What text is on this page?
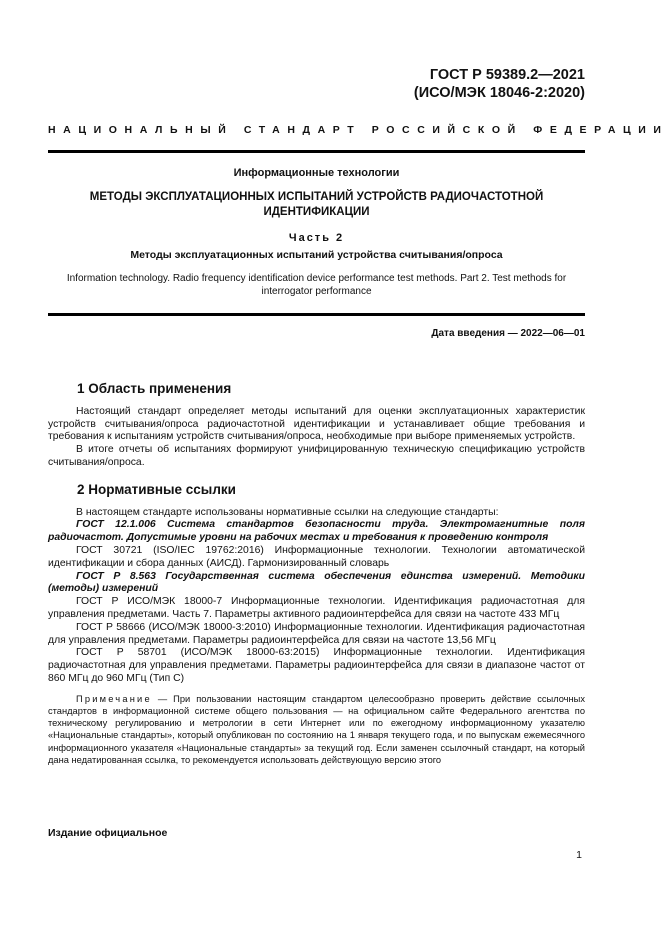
ГОСТ Р 59389.2—2021
(ИСО/МЭК 18046-2:2020)
НАЦИОНАЛЬНЫЙ СТАНДАРТ РОССИЙСКОЙ ФЕДЕРАЦИИ
Информационные технологии
МЕТОДЫ ЭКСПЛУАТАЦИОННЫХ ИСПЫТАНИЙ УСТРОЙСТВ РАДИОЧАСТОТНОЙ ИДЕНТИФИКАЦИИ
Часть 2
Методы эксплуатационных испытаний устройства считывания/опроса
Information technology. Radio frequency identification device performance test methods. Part 2. Test methods for interrogator performance
Дата введения — 2022—06—01
1 Область применения

Настоящий стандарт определяет методы испытаний для оценки эксплуатационных характеристик устройств считывания/опроса радиочастотной идентификации и устанавливает общие требования и требования к испытаниям устройств считывания/опроса, необходимые при выборе применяемых устройств.

В итоге отчеты об испытаниях формируют унифицированную техническую спецификацию устройств считывания/опроса.

2 Нормативные ссылки

В настоящем стандарте использованы нормативные ссылки на следующие стандарты:

ГОСТ 12.1.006 Система стандартов безопасности труда. Электромагнитные поля радиочастот. Допустимые уровни на рабочих местах и требования к проведению контроля

ГОСТ 30721 (ISO/IEC 19762:2016) Информационные технологии. Технологии автоматической идентификации и сбора данных (АИСД). Гармонизированный словарь

ГОСТ Р 8.563 Государственная система обеспечения единства измерений. Методики (методы) измерений

ГОСТ Р ИСО/МЭК 18000-7 Информационные технологии. Идентификация радиочастотная для управления предметами. Часть 7. Параметры активного радиоинтерфейса для связи на частоте 433 МГц

ГОСТ Р 58666 (ИСО/МЭК 18000-3:2010) Информационные технологии. Идентификация радиочастотная для управления предметами. Параметры радиоинтерфейса для связи на частоте 13,56 МГц

ГОСТ Р 58701 (ИСО/МЭК 18000-63:2015) Информационные технологии. Идентификация радиочастотная для управления предметами. Параметры радиоинтерфейса для связи в диапазоне частот от 860 МГц до 960 МГц (Тип С)

Примечание — При пользовании настоящим стандартом целесообразно проверить действие ссылочных стандартов в информационной системе общего пользования — на официальном сайте Федерального агентства по техническому регулированию и метрологии в сети Интернет или по ежегодному информационному указателю «Национальные стандарты», который опубликован по состоянию на 1 января текущего года, и по выпускам ежемесячного информационного указателя «Национальные стандарты» за текущий год. Если заменен ссылочный стандарт, на который дана недатированная ссылка, то рекомендуется использовать действующую версию этого

Издание официальное
1
